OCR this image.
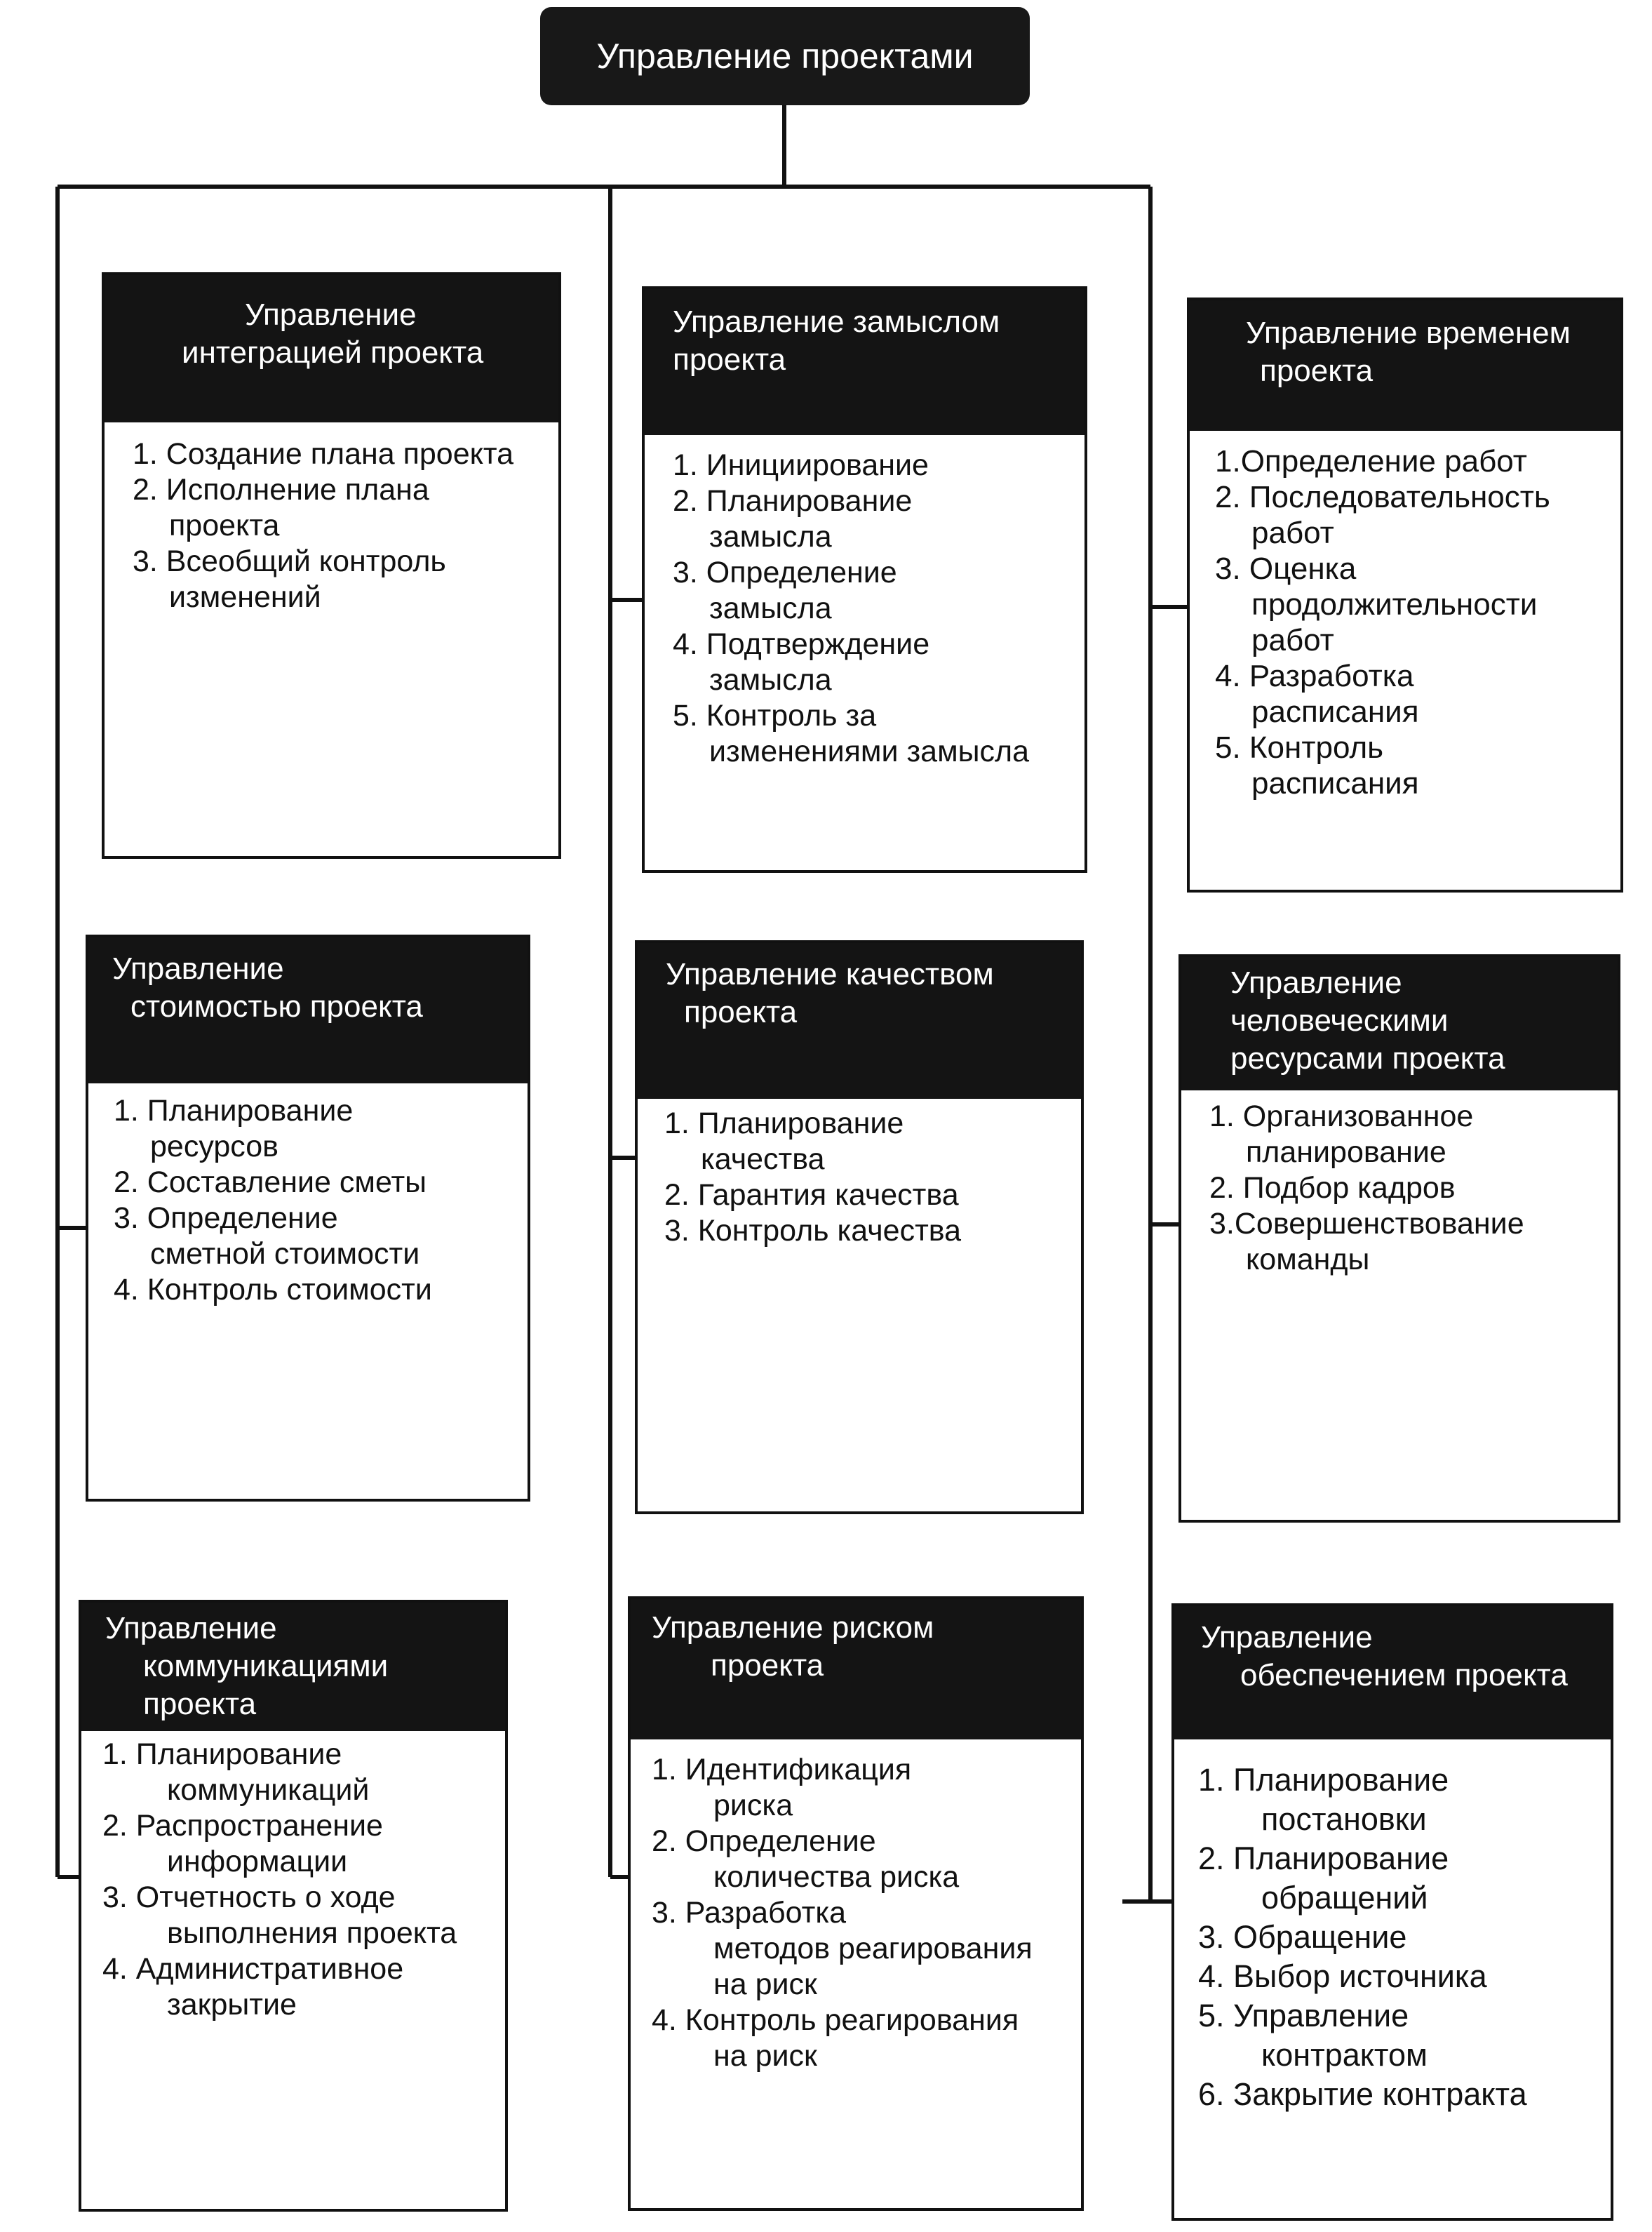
Управление проектами
Управление
интеграцией проекта
1. Создание плана проекта
2. Исполнение плана
проекта
3. Всеобщий контроль
изменений
Управление замыслом
проекта
1. Инициирование
2. Планирование
замысла
3. Определение
замысла
4. Подтверждение
замысла
5. Контроль за
изменениями замысла
Управление временем
проекта
1.Определение работ
2. Последовательность
работ
3. Оценка
продолжительности
работ
4. Разработка
расписания
5. Контроль
расписания
Управление
стоимостью проекта
1. Планирование
ресурсов
2. Составление сметы
3. Определение
сметной стоимости
4. Контроль стоимости
Управление качеством
проекта
1. Планирование
качества
2. Гарантия качества
3. Контроль качества
Управление
человеческими
ресурсами проекта
1. Организованное
планирование
2. Подбор кадров
3.Совершенствование
команды
Управление
коммуникациями
проекта
1. Планирование
коммуникаций
2. Распространение
информации
3. Отчетность о ходе
выполнения проекта
4. Административное
закрытие
Управление риском
проекта
1. Идентификация
риска
2. Определение
количества риска
3. Разработка
методов реагирования
на риск
4. Контроль реагирования
на риск
Управление
обеспечением проекта
1. Планирование
постановки
2. Планирование
обращений
3. Обращение
4. Выбор источника
5. Управление
контрактом
6. Закрытие контракта
